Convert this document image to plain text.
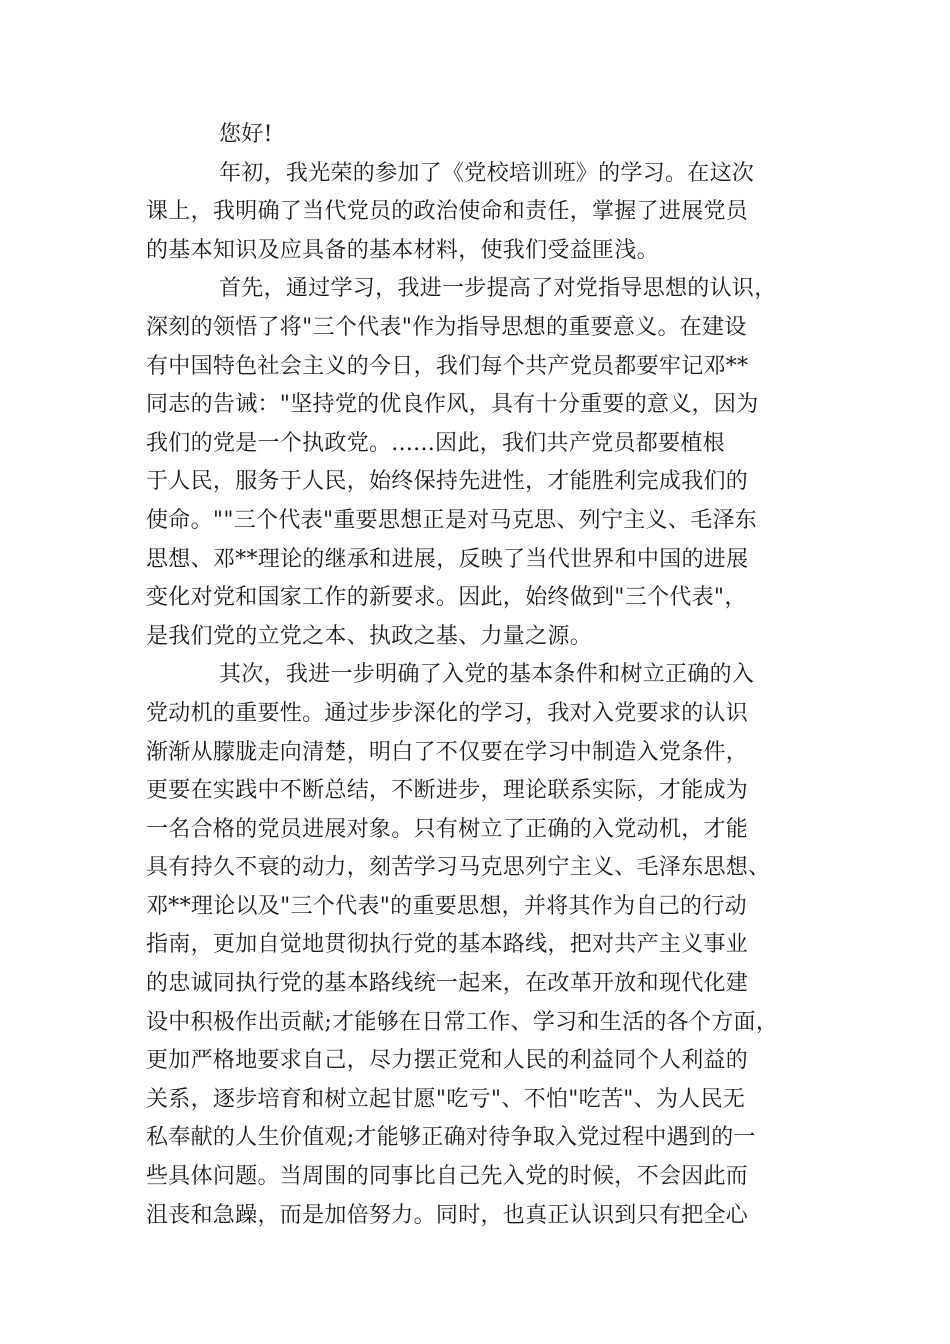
您好!
年初，我光荣的参加了《党校培训班》的学习。在这次
课上，我明确了当代党员的政治使命和责任，掌握了进展党员
的基本知识及应具备的基本材料，使我们受益匪浅。
首先，通过学习，我进一步提高了对党指导思想的认识，
深刻的领悟了将"三个代表"作为指导思想的重要意义。在建设
有中国特色社会主义的今日，我们每个共产党员都要牢记邓**
同志的告诫："坚持党的优良作风，具有十分重要的意义，因为
我们的党是一个执政党。......因此，我们共产党员都要植根
于人民，服务于人民，始终保持先进性，才能胜利完成我们的
使命。""三个代表"重要思想正是对马克思、列宁主义、毛泽东
思想、邓**理论的继承和进展，反映了当代世界和中国的进展
变化对党和国家工作的新要求。因此，始终做到"三个代表"，
是我们党的立党之本、执政之基、力量之源。
其次，我进一步明确了入党的基本条件和树立正确的入
党动机的重要性。通过步步深化的学习，我对入党要求的认识
渐渐从朦胧走向清楚，明白了不仅要在学习中制造入党条件，
更要在实践中不断总结，不断进步，理论联系实际，才能成为
一名合格的党员进展对象。只有树立了正确的入党动机，才能
具有持久不衰的动力，刻苦学习马克思列宁主义、毛泽东思想、
邓**理论以及"三个代表"的重要思想，并将其作为自己的行动
指南，更加自觉地贯彻执行党的基本路线，把对共产主义事业
的忠诚同执行党的基本路线统一起来，在改革开放和现代化建
设中积极作出贡献;才能够在日常工作、学习和生活的各个方面，
更加严格地要求自己，尽力摆正党和人民的利益同个人利益的
关系，逐步培育和树立起甘愿"吃亏"、不怕"吃苦"、为人民无
私奉献的人生价值观;才能够正确对待争取入党过程中遇到的一
些具体问题。当周围的同事比自己先入党的时候，不会因此而
沮丧和急躁，而是加倍努力。同时，也真正认识到只有把全心
